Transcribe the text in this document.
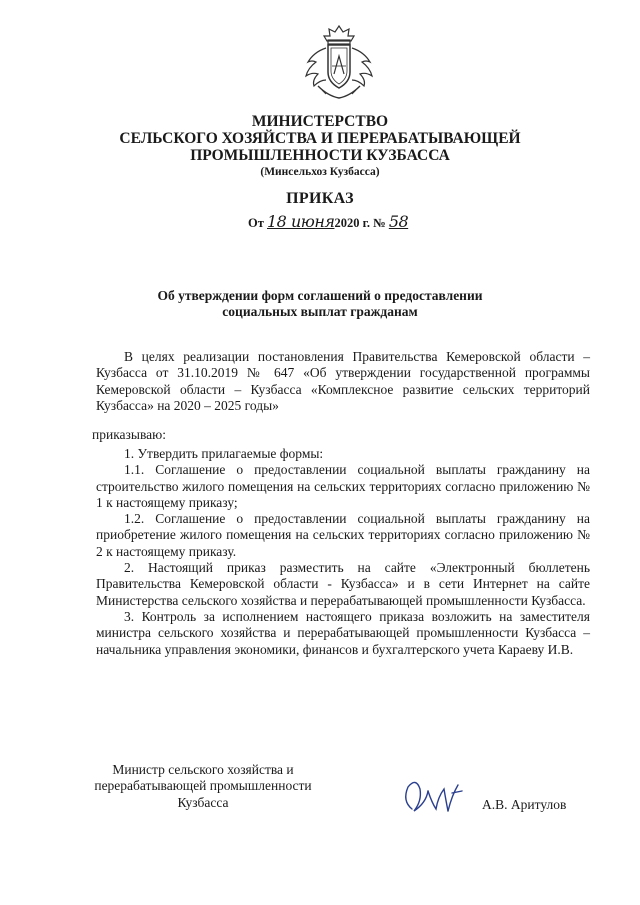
МИНИСТЕРСТВО
СЕЛЬСКОГО ХОЗЯЙСТВА И ПЕРЕРАБАТЫВАЮЩЕЙ
ПРОМЫШЛЕННОСТИ КУЗБАССА
(Минсельхоз Кузбасса)
ПРИКАЗ
От 18 июня2020 г. № 58
Об утверждении форм соглашений о предоставлении
социальных выплат гражданам
В целях реализации постановления Правительства Кемеровской области – Кузбасса от 31.10.2019 № 647 «Об утверждении государственной программы Кемеровской области – Кузбасса «Комплексное развитие сельских территорий Кузбасса» на 2020 – 2025 годы»
приказываю:
1. Утвердить прилагаемые формы:
1.1. Соглашение о предоставлении социальной выплаты гражданину на строительство жилого помещения на сельских территориях согласно приложению № 1 к настоящему приказу;
1.2. Соглашение о предоставлении социальной выплаты гражданину на приобретение жилого помещения на сельских территориях согласно приложению № 2 к настоящему приказу.
2. Настоящий приказ разместить на сайте «Электронный бюллетень Правительства Кемеровской области - Кузбасса» и в сети Интернет на сайте Министерства сельского хозяйства и перерабатывающей промышленности Кузбасса.
3. Контроль за исполнением настоящего приказа возложить на заместителя министра сельского хозяйства и перерабатывающей промышленности Кузбасса – начальника управления экономики, финансов и бухгалтерского учета Караеву И.В.
Министр сельского хозяйства и
перерабатывающей промышленности
Кузбасса	А.В. Аритулов
